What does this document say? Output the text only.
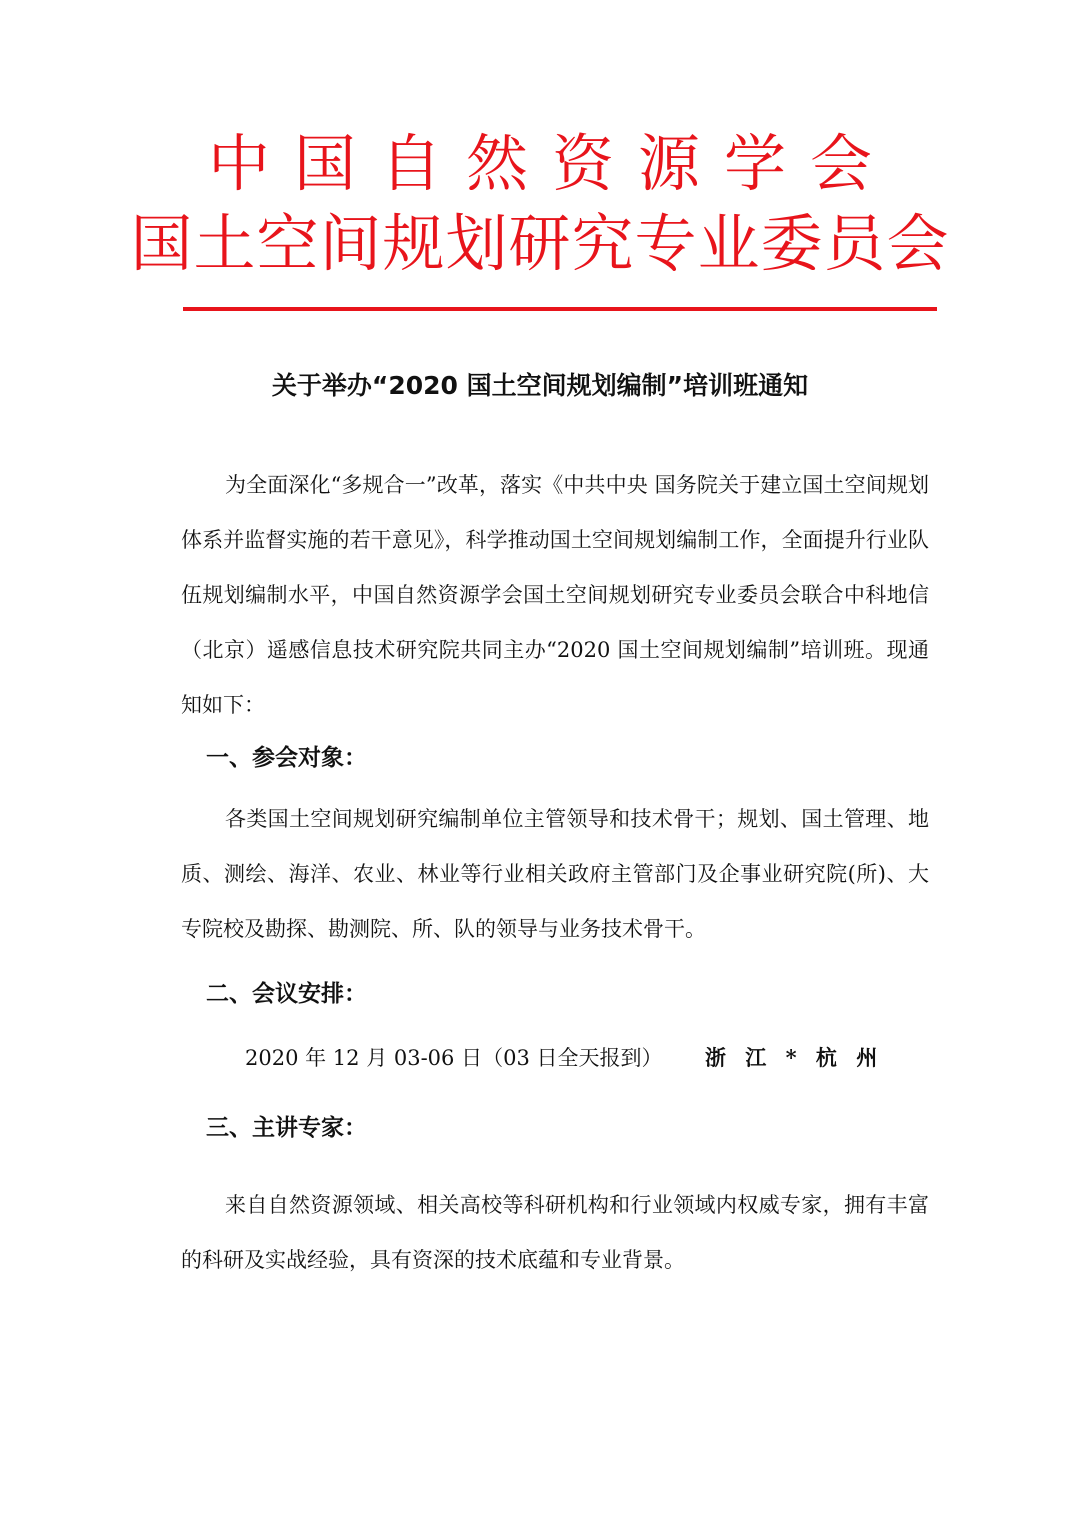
中国自然资源学会
国土空间规划研究专业委员会
关于举办“2020 国土空间规划编制”培训班通知

为全面深化“多规合一”改革，落实《中共中央 国务院关于建立国土空间规划体系并监督实施的若干意见》，科学推动国土空间规划编制工作，全面提升行业队伍规划编制水平，中国自然资源学会国土空间规划研究专业委员会联合中科地信（北京）遥感信息技术研究院共同主办“2020 国土空间规划编制”培训班。现通知如下：

一、参会对象：

各类国土空间规划研究编制单位主管领导和技术骨干；规划、国土管理、地质、测绘、海洋、农业、林业等行业相关政府主管部门及企事业研究院(所)、大专院校及勘探、勘测院、所、队的领导与业务技术骨干。

二、会议安排：
2020 年 12 月 03-06 日（03 日全天报到） 浙 江 * 杭 州
三、主讲专家：

来自自然资源领域、相关高校等科研机构和行业领域内权威专家，拥有丰富的科研及实战经验，具有资深的技术底蕴和专业背景。
